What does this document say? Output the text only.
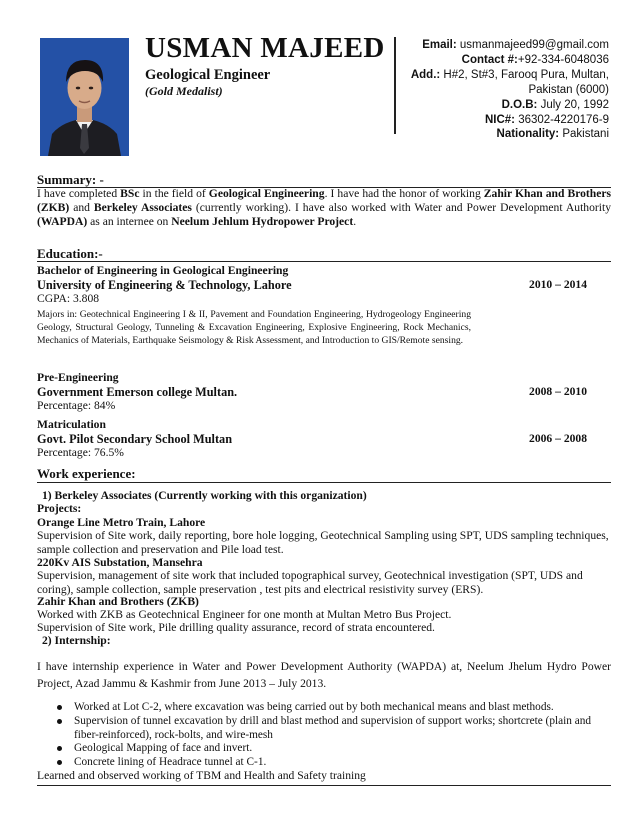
USMAN MAJEED
Geological Engineer
(Gold Medalist)
Email: usmanmajeed99@gmail.com
Contact #:+92-334-6048036
Add.: H#2, St#3, Farooq Pura, Multan,
Pakistan (6000)
D.O.B: July 20, 1992
NIC#: 36302-4220176-9
Nationality: Pakistani
Summary: -
I have completed BSc in the field of Geological Engineering. I have had the honor of working Zahir Khan and Brothers (ZKB) and Berkeley Associates (currently working). I have also worked with Water and Power Development Authority (WAPDA) as an internee on Neelum Jehlum Hydropower Project.
Education:-
Bachelor of Engineering in Geological Engineering
University of Engineering & Technology, Lahore	2010 – 2014
CGPA: 3.808
Majors in: Geotechnical Engineering I & II, Pavement and Foundation Engineering, Hydrogeology Engineering Geology, Structural Geology, Tunneling & Excavation Engineering, Explosive Engineering, Rock Mechanics, Mechanics of Materials, Earthquake Seismology & Risk Assessment, and Introduction to GIS/Remote sensing.
Pre-Engineering
Government Emerson college Multan.	2008 – 2010
Percentage: 84%
Matriculation
Govt. Pilot Secondary School Multan	2006 – 2008
Percentage: 76.5%
Work experience:
1) Berkeley Associates (Currently working with this organization)
Projects:
Orange Line Metro Train, Lahore
Supervision of Site work, daily reporting, bore hole logging, Geotechnical Sampling using SPT, UDS sampling techniques, sample collection and preservation and Pile load test.
220Kv AIS Substation, Mansehra
Supervision, management of site work that included topographical survey, Geotechnical investigation (SPT, UDS and coring), sample collection, sample preservation , test pits and electrical resistivity survey (ERS).
Zahir Khan and Brothers (ZKB)
Worked with ZKB as Geotechnical Engineer for one month at Multan Metro Bus Project.
Supervision of Site work, Pile drilling quality assurance, record of strata encountered.
2) Internship:
I have internship experience in Water and Power Development Authority (WAPDA) at, Neelum Jhelum Hydro Power Project, Azad Jammu & Kashmir from June 2013 – July 2013.
Worked at Lot C-2, where excavation was being carried out by both mechanical means and blast methods.
Supervision of tunnel excavation by drill and blast method and supervision of support works; shortcrete (plain and fiber-reinforced), rock-bolts, and wire-mesh
Geological Mapping of face and invert.
Concrete lining of Headrace tunnel at C-1.
Learned and observed working of TBM and Health and Safety training
